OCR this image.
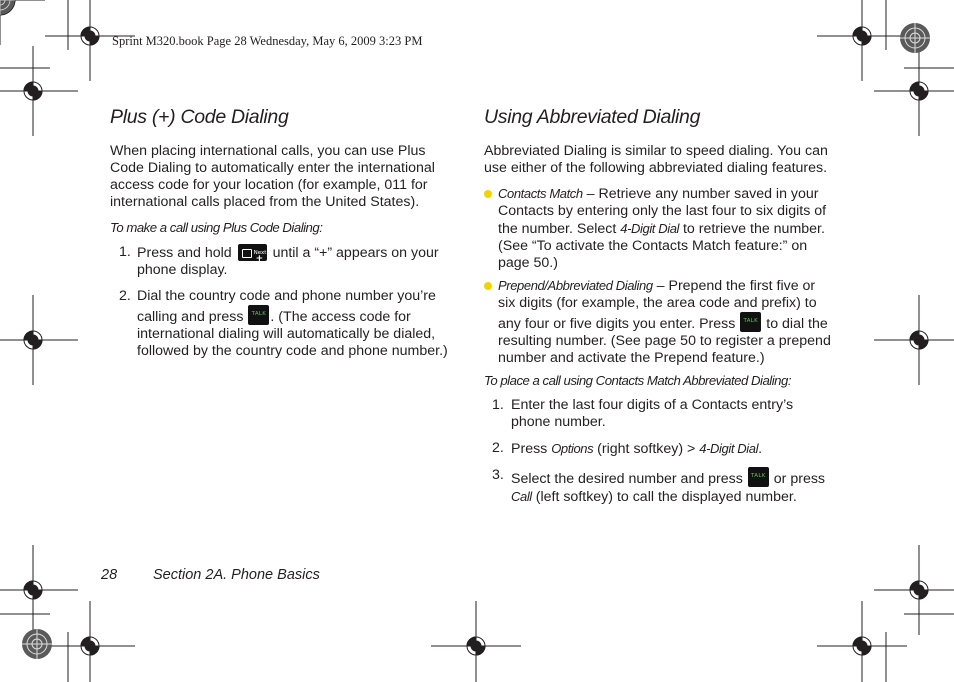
Sprint M320.book Page 28 Wednesday, May 6, 2009 3:23 PM
Plus (+) Code Dialing

When placing international calls, you can use Plus Code Dialing to automatically enter the international access code for your location (for example, 011 for international calls placed from the United States).

To make a call using Plus Code Dialing:

1. Press and hold	Next
+ until a “+” appears on your phone display.
2. Dial the country code and phone number you’re calling and press	TALK . (The access code for international dialing will automatically be dialed, followed by the country code and phone number.)
Using Abbreviated Dialing

Abbreviated Dialing is similar to speed dialing. You can use either of the following abbreviated dialing features.

Contacts Match – Retrieve any number saved in your Contacts by entering only the last four to six digits of the number. Select 4-Digit Dial to retrieve the number. (See “To activate the Contacts Match feature:” on page 50.)
Prepend/Abbreviated Dialing – Prepend the first five or six digits (for example, the area code and prefix) to any four or five digits you enter. Press TALK to dial the resulting number. (See page 50 to register a prepend number and activate the Prepend feature.)

To place a call using Contacts Match Abbreviated Dialing:

1. Enter the last four digits of a Contacts entry’s phone number.
2. Press Options (right softkey) > 4-Digit Dial.
3. Select the desired number and press	TALK or press Call (left softkey) to call the displayed number.
28 Section 2A. Phone Basics
